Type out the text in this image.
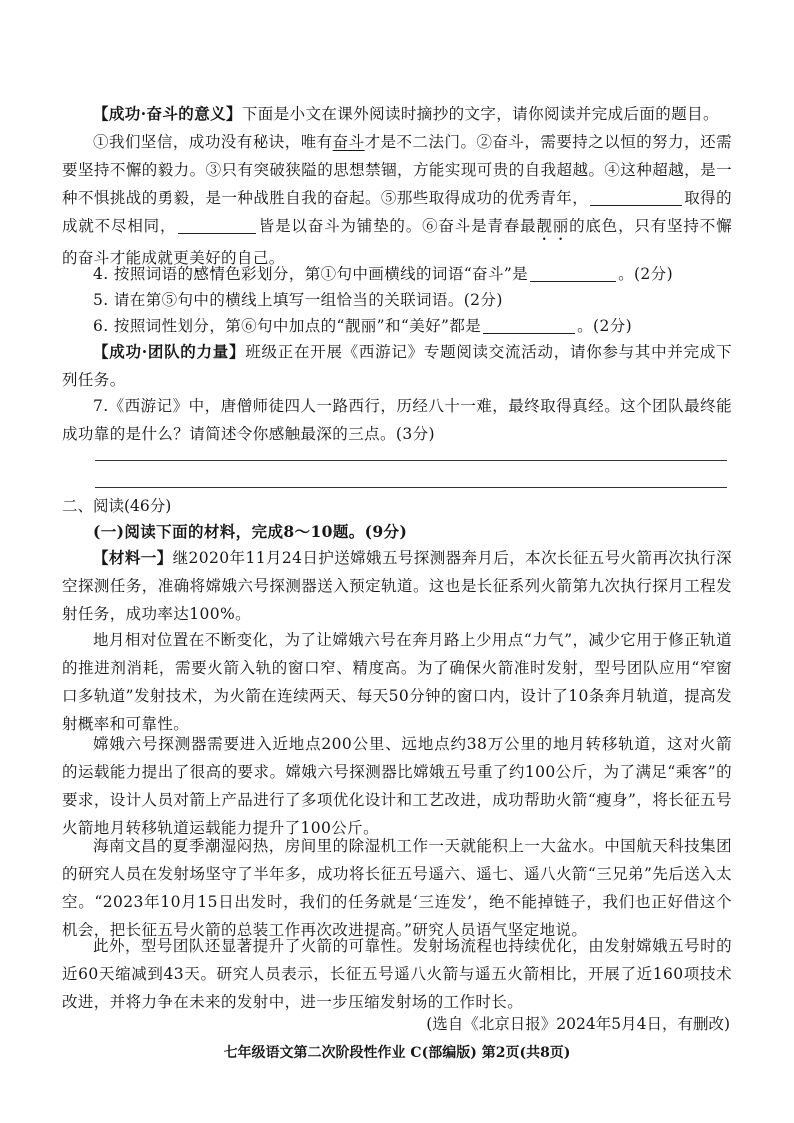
【成功·奋斗的意义】下面是小文在课外阅读时摘抄的文字，请你阅读并完成后面的题目。

①我们坚信，成功没有秘诀，唯有奋斗才是不二法门。②奋斗，需要持之以恒的努力，还需要坚持不懈的毅力。③只有突破狭隘的思想禁锢，方能实现可贵的自我超越。④这种超越，是一种不惧挑战的勇毅，是一种战胜自我的奋起。⑤那些取得成功的优秀青年，	取得的成就不尽相同，	皆是以奋斗为铺垫的。⑥奋斗是青春最靓丽的底色，只有坚持不懈的奋斗才能成就更美好的自己。

4. 按照词语的感情色彩划分，第①句中画横线的词语“奋斗”是	。(2分)

5. 请在第⑤句中的横线上填写一组恰当的关联词语。(2分)

6. 按照词性划分，第⑥句中加点的“靓丽”和“美好”都是	。(2分)

【成功·团队的力量】班级正在开展《西游记》专题阅读交流活动，请你参与其中并完成下列任务。

7.《西游记》中，唐僧师徒四人一路西行，历经八十一难，最终取得真经。这个团队最终能成功靠的是什么？请简述令你感触最深的三点。(3分)

二、阅读(46分)

(一)阅读下面的材料，完成8～10题。(9分)

【材料一】继2020年11月24日护送嫦娥五号探测器奔月后，本次长征五号火箭再次执行深空探测任务，准确将嫦娥六号探测器送入预定轨道。这也是长征系列火箭第九次执行探月工程发射任务，成功率达100%。

地月相对位置在不断变化，为了让嫦娥六号在奔月路上少用点“力气”，减少它用于修正轨道的推进剂消耗，需要火箭入轨的窗口窄、精度高。为了确保火箭准时发射，型号团队应用“窄窗口多轨道”发射技术，为火箭在连续两天、每天50分钟的窗口内，设计了10条奔月轨道，提高发射概率和可靠性。

嫦娥六号探测器需要进入近地点200公里、远地点约38万公里的地月转移轨道，这对火箭的运载能力提出了很高的要求。嫦娥六号探测器比嫦娥五号重了约100公斤，为了满足“乘客”的要求，设计人员对箭上产品进行了多项优化设计和工艺改进，成功帮助火箭“瘦身”，将长征五号火箭地月转移轨道运载能力提升了100公斤。

海南文昌的夏季潮湿闷热，房间里的除湿机工作一天就能积上一大盆水。中国航天科技集团的研究人员在发射场坚守了半年多，成功将长征五号遥六、遥七、遥八火箭“三兄弟”先后送入太空。“2023年10月15日出发时，我们的任务就是‘三连发’，绝不能掉链子，我们也正好借这个机会，把长征五号火箭的总装工作再次改进提高。”研究人员语气坚定地说。

此外，型号团队还显著提升了火箭的可靠性。发射场流程也持续优化，由发射嫦娥五号时的近60天缩减到43天。研究人员表示，长征五号遥八火箭与遥五火箭相比，开展了近160项技术改进，并将力争在未来的发射中，进一步压缩发射场的工作时长。

(选自《北京日报》2024年5月4日，有删改)
七年级语文第二次阶段性作业 C(部编版) 第2页(共8页)
